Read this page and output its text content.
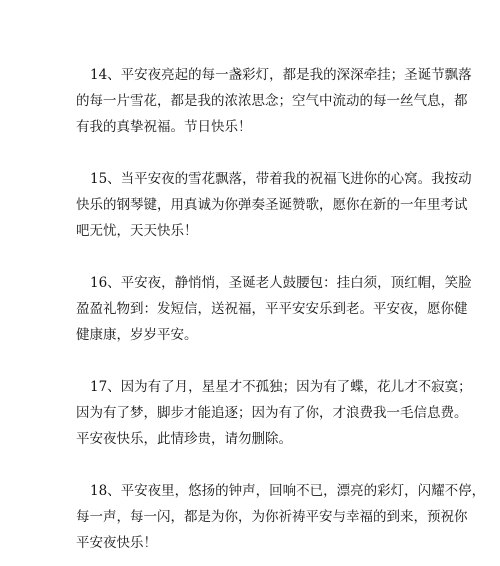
14、平安夜亮起的每一盏彩灯，都是我的深深牵挂；圣诞节飘落
的每一片雪花，都是我的浓浓思念；空气中流动的每一丝气息，都
有我的真挚祝福。节日快乐！
15、当平安夜的雪花飘落，带着我的祝福飞进你的心窝。我按动
快乐的钢琴键，用真诚为你弹奏圣诞赞歌，愿你在新的一年里考试
吧无忧，天天快乐！
16、平安夜，静悄悄，圣诞老人鼓腰包：挂白须，顶红帽，笑脸
盈盈礼物到：发短信，送祝福，平平安安乐到老。平安夜，愿你健
健康康，岁岁平安。
17、因为有了月，星星才不孤独；因为有了蝶，花儿才不寂寞；
因为有了梦，脚步才能追逐；因为有了你，才浪费我一毛信息费。
平安夜快乐，此情珍贵，请勿删除。
18、平安夜里，悠扬的钟声，回响不已，漂亮的彩灯，闪耀不停，
每一声，每一闪，都是为你，为你祈祷平安与幸福的到来，预祝你
平安夜快乐！
